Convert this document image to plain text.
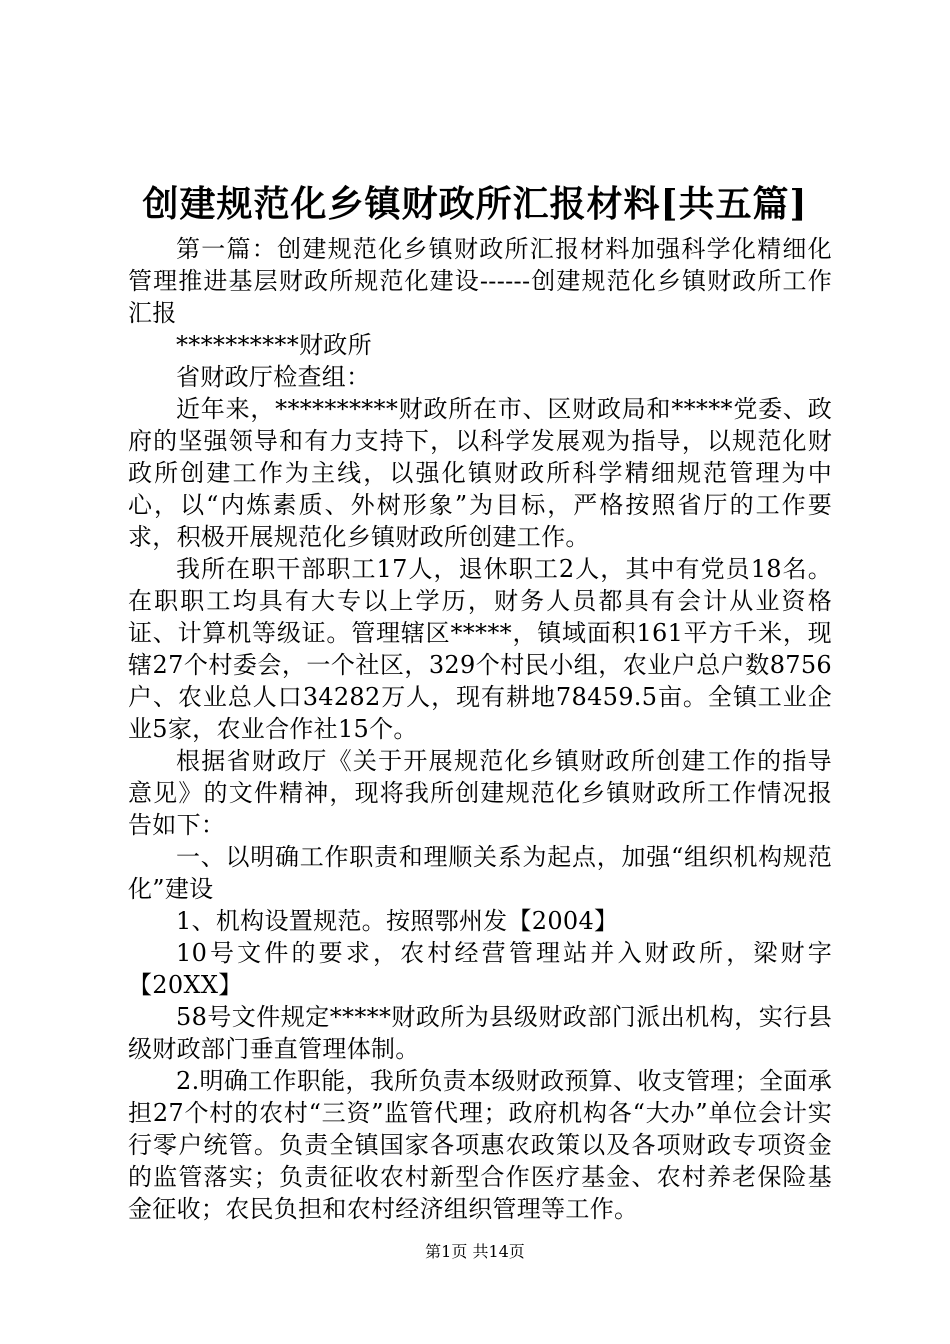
创建规范化乡镇财政所汇报材料[共五篇]

第一篇：创建规范化乡镇财政所汇报材料加强科学化精细化管理推进基层财政所规范化建设------创建规范化乡镇财政所工作汇报

**********财政所

省财政厅检查组：

近年来，**********财政所在市、区财政局和*****党委、政府的坚强领导和有力支持下，以科学发展观为指导，以规范化财政所创建工作为主线，以强化镇财政所科学精细规范管理为中心，以“内炼素质、外树形象”为目标，严格按照省厅的工作要求，积极开展规范化乡镇财政所创建工作。

我所在职干部职工17人，退休职工2人，其中有党员18名。在职职工均具有大专以上学历，财务人员都具有会计从业资格证、计算机等级证。管理辖区*****，镇域面积161平方千米，现辖27个村委会，一个社区，329个村民小组，农业户总户数8756户、农业总人口34282万人，现有耕地78459.5亩。全镇工业企业5家，农业合作社15个。

根据省财政厅《关于开展规范化乡镇财政所创建工作的指导意见》的文件精神，现将我所创建规范化乡镇财政所工作情况报告如下：

一、以明确工作职责和理顺关系为起点，加强“组织机构规范化”建设

1、机构设置规范。按照鄂州发【2004】

10号文件的要求，农村经营管理站并入财政所，梁财字【20XX】

58号文件规定*****财政所为县级财政部门派出机构，实行县级财政部门垂直管理体制。

2.明确工作职能，我所负责本级财政预算、收支管理；全面承担27个村的农村“三资”监管代理；政府机构各“大办”单位会计实行零户统管。负责全镇国家各项惠农政策以及各项财政专项资金的监管落实；负责征收农村新型合作医疗基金、农村养老保险基金征收；农民负担和农村经济组织管理等工作。

第1页 共14页
